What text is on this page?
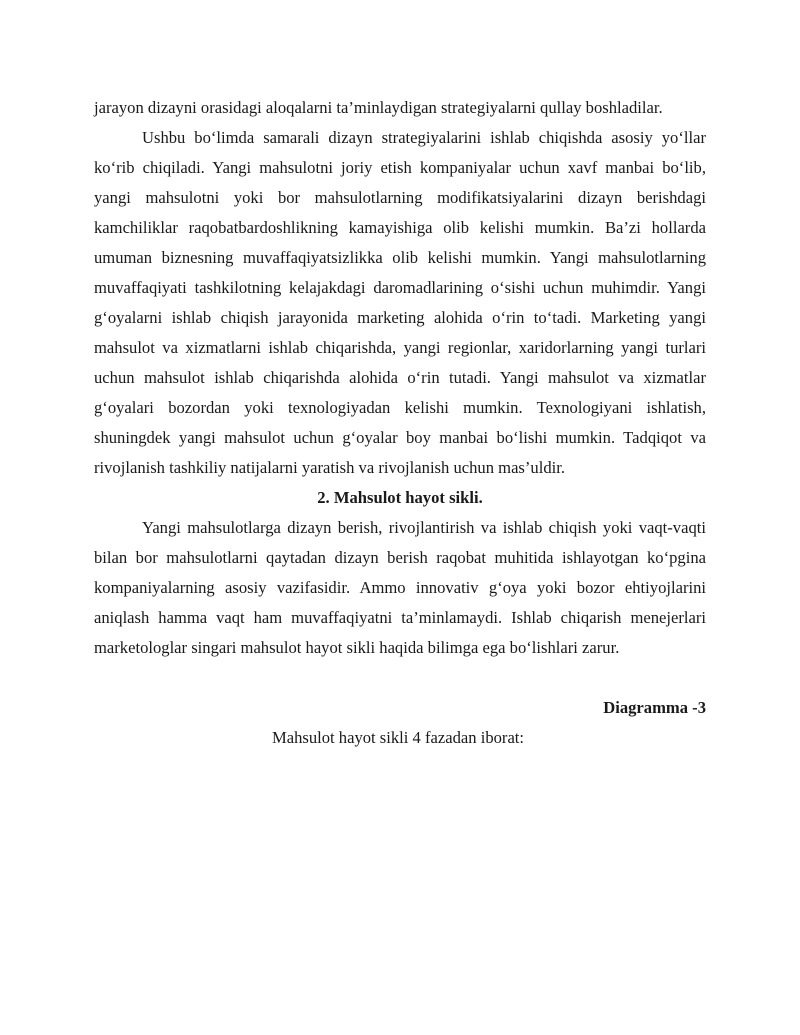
jarayon dizayni orasidagi aloqalarni ta’minlaydigan strategiyalarni qullay boshladilar.

Ushbu bo‘limda samarali dizayn strategiyalarini ishlab chiqishda asosiy yo‘llar ko‘rib chiqiladi. Yangi mahsulotni joriy etish kompaniyalar uchun xavf manbai bo‘lib, yangi mahsulotni yoki bor mahsulotlarning modifikatsiyalarini dizayn berishdagi kamchiliklar raqobatbardoshlikning kamayishiga olib kelishi mumkin. Ba’zi hollarda umuman biznesning muvaffaqiyatsizlikka olib kelishi mumkin. Yangi mahsulotlarning muvaffaqiyati tashkilotning kelajakdagi daromadlarining o‘sishi uchun muhimdir. Yangi g‘oyalarni ishlab chiqish jarayonida marketing alohida o‘rin to‘tadi. Marketing yangi mahsulot va xizmatlarni ishlab chiqarishda, yangi regionlar, xaridorlarning yangi turlari uchun mahsulot ishlab chiqarishda alohida o‘rin tutadi. Yangi mahsulot va xizmatlar g‘oyalari bozordan yoki texnologiyadan kelishi mumkin. Texnologiyani ishlatish, shuningdek yangi mahsulot uchun g‘oyalar boy manbai bo‘lishi mumkin. Tadqiqot va rivojlanish tashkiliy natijalarni yaratish va rivojlanish uchun mas’uldir.

2. Mahsulot hayot sikli.

Yangi mahsulotlarga dizayn berish, rivojlantirish va ishlab chiqish yoki vaqt-vaqti bilan bor mahsulotlarni qaytadan dizayn berish raqobat muhitida ishlayotgan ko‘pgina kompaniyalarning asosiy vazifasidir. Ammo innovativ g‘oya yoki bozor ehtiyojlarini aniqlash hamma vaqt ham muvaffaqiyatni ta’minlamaydi. Ishlab chiqarish menejerlari marketologlar singari mahsulot hayot sikli haqida bilimga ega bo‘lishlari zarur.

Diagramma -3

Mahsulot hayot sikli 4 fazadan iborat:
